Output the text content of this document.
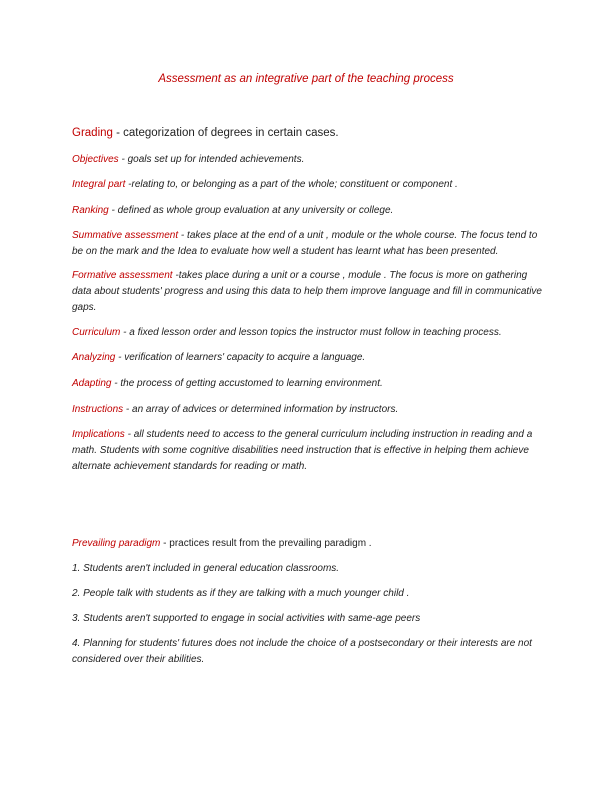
Assessment as an integrative part of the teaching process
Grading - categorization of degrees in certain cases.
Objectives - goals set up for intended achievements.
Integral part -relating to, or belonging as a part of the whole; constituent or component .
Ranking - defined as whole group evaluation at any university or college.
Summative assessment - takes place at the end of a unit , module or the whole course. The focus tend to be on the mark and the Idea to evaluate how well a student has learnt what has been presented.
Formative assessment -takes place during a unit or a course , module . The focus is more on gathering data about students' progress and using this data to help them improve language and fill in communicative gaps.
Curriculum - a fixed lesson order and lesson topics the instructor must follow in teaching process.
Analyzing - verification of learners' capacity to acquire a language.
Adapting - the process of getting accustomed to learning environment.
Instructions - an array of advices or determined information by instructors.
Implications - all students need to access to the general curriculum including instruction in reading and a math. Students with some cognitive disabilities need instruction that is effective in helping them achieve alternate achievement standards for reading or math.
Prevailing paradigm - practices result from the prevailing paradigm .
1. Students aren't included in general education classrooms.
2. People talk with students as if they are talking with a much younger child .
3. Students aren't supported to engage in social activities with same-age peers
4. Planning for students' futures does not include the choice of a postsecondary or their interests are not considered over their abilities.
